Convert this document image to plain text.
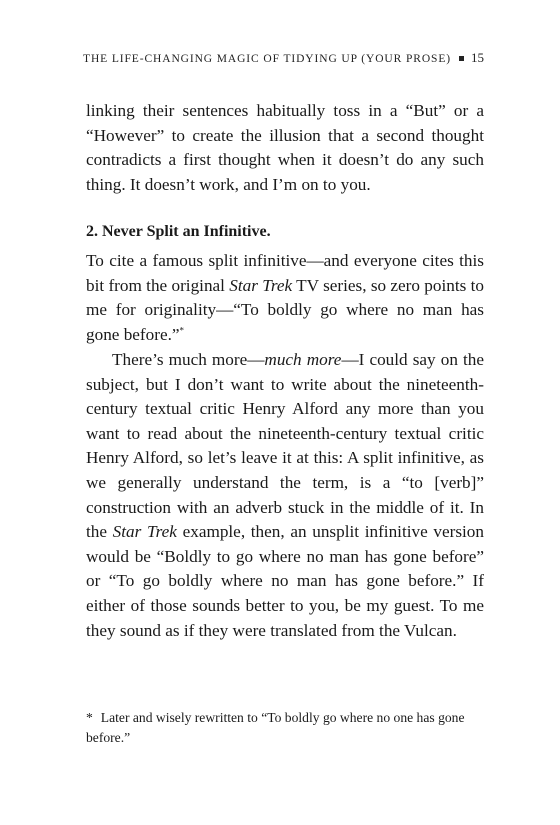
THE LIFE-CHANGING MAGIC OF TIDYING UP (YOUR PROSE) 15

linking their sentences habitually toss in a “But” or a “However” to create the illusion that a second thought contradicts a first thought when it doesn’t do any such thing. It doesn’t work, and I’m on to you.

2. Never Split an Infinitive.

To cite a famous split infinitive—and everyone cites this bit from the original Star Trek TV series, so zero points to me for originality—“To boldly go where no man has gone before.”*

There’s much more—much more—I could say on the subject, but I don’t want to write about the nineteenth-century textual critic Henry Alford any more than you want to read about the nineteenth-century textual critic Henry Alford, so let’s leave it at this: A split infinitive, as we generally understand the term, is a “to [verb]” construction with an adverb stuck in the middle of it. In the Star Trek example, then, an unsplit infinitive version would be “Boldly to go where no man has gone before” or “To go boldly where no man has gone before.” If either of those sounds better to you, be my guest. To me they sound as if they were translated from the Vulcan.

* Later and wisely rewritten to “To boldly go where no one has gone before.”
